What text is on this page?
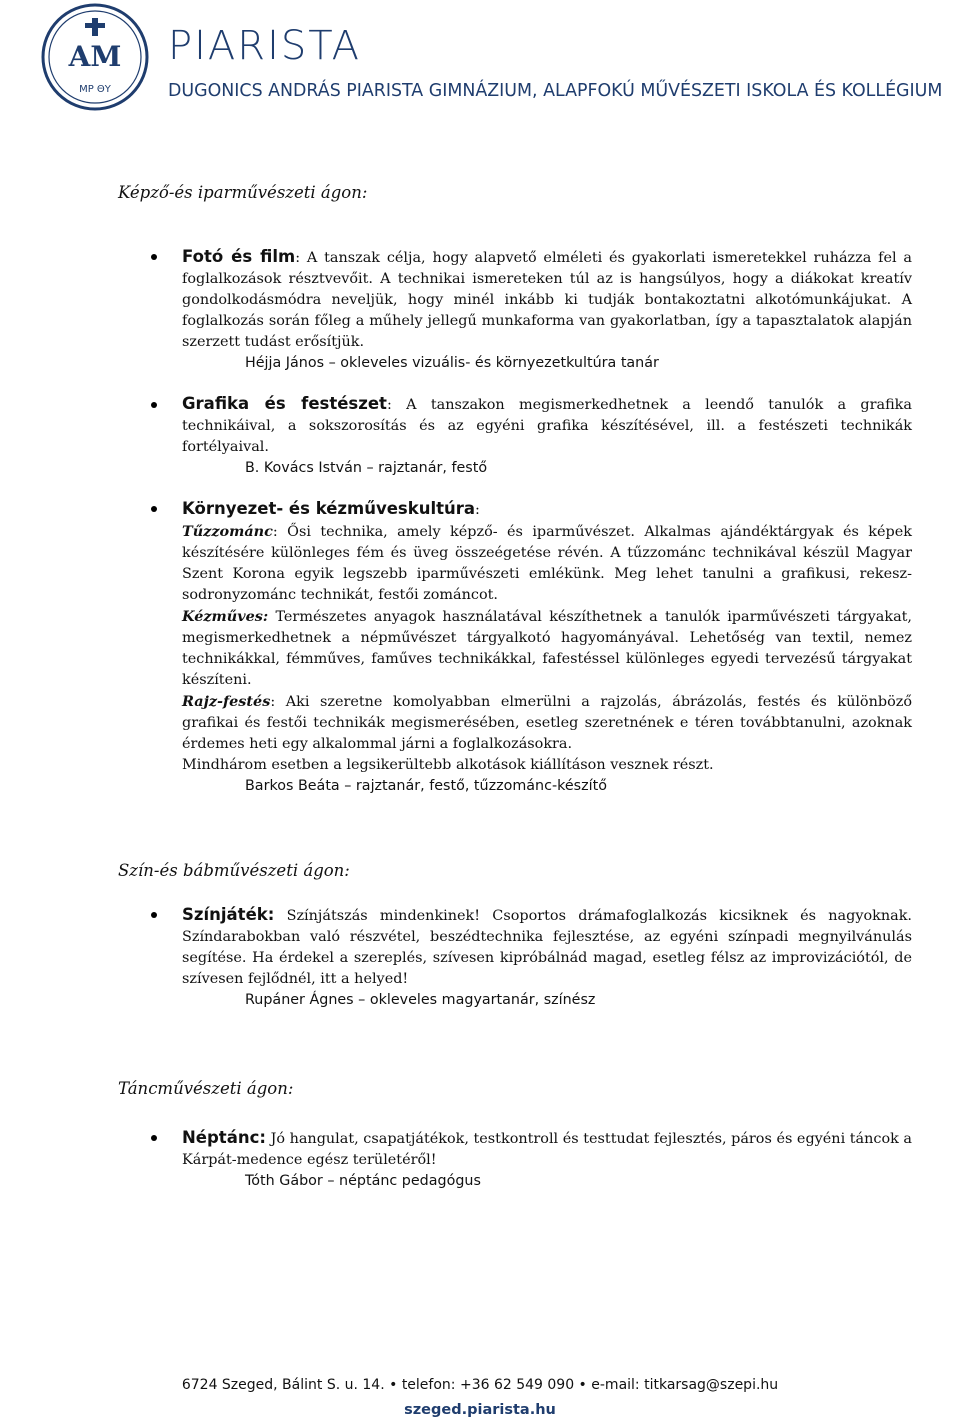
ΑΜ
ΜΡ ΘΥ
PIARISTA
DUGONICS ANDRÁS PIARISTA GIMNÁZIUM, ALAPFOKÚ MŰVÉSZETI ISKOLA ÉS KOLLÉGIUM
Képző-és iparművészeti ágon:

Fotó és film: A tanszak célja, hogy alapvető elméleti és gyakorlati ismeretekkel ruházza fel a foglalkozások résztvevőit. A technikai ismereteken túl az is hangsúlyos, hogy a diákokat kreatív gondolkodásmódra neveljük, hogy minél inkább ki tudják bontakoztatni alkotómunkájukat. A foglalkozás során főleg a műhely jellegű munkaforma van gyakorlatban, így a tapasztalatok alapján szerzett tudást erősítjük.

Héjja János – okleveles vizuális- és környezetkultúra tanár

Grafika és festészet: A tanszakon megismerkedhetnek a leendő tanulók a grafika technikáival, a sokszorosítás és az egyéni grafika készítésével, ill. a festészeti technikák fortélyaival.

B. Kovács István – rajztanár, festő

Környezet- és kézműveskultúra:

Tűzzománc: Ősi technika, amely képző- és iparművészet. Alkalmas ajándéktárgyak és képek készítésére különleges fém és üveg összeégetése révén. A tűzzománc technikával készül Magyar Szent Korona egyik legszebb iparművészeti emlékünk. Meg lehet tanulni a grafikusi, rekesz-sodronyzománc technikát, festői zománcot.

Kézműves: Természetes anyagok használatával készíthetnek a tanulók iparművészeti tárgyakat, megismerkedhetnek a népművészet tárgyalkotó hagyományával. Lehetőség van textil, nemez technikákkal, fémműves, faműves technikákkal, fafestéssel különleges egyedi tervezésű tárgyakat készíteni.

Rajz-festés: Aki szeretne komolyabban elmerülni a rajzolás, ábrázolás, festés és különböző grafikai és festői technikák megismerésében, esetleg szeretnének e téren továbbtanulni, azoknak érdemes heti egy alkalommal járni a foglalkozásokra.

Mindhárom esetben a legsikerültebb alkotások kiállításon vesznek részt.

Barkos Beáta – rajztanár, festő, tűzzománc-készítő

Szín-és bábművészeti ágon:

Színjáték: Színjátszás mindenkinek! Csoportos drámafoglalkozás kicsiknek és nagyoknak. Színdarabokban való részvétel, beszédtechnika fejlesztése, az egyéni színpadi megnyilvánulás segítése. Ha érdekel a szereplés, szívesen kipróbálnád magad, esetleg félsz az improvizációtól, de szívesen fejlődnél, itt a helyed!

Rupáner Ágnes – okleveles magyartanár, színész

Táncművészeti ágon:

Néptánc: Jó hangulat, csapatjátékok, testkontroll és testtudat fejlesztés, páros és egyéni táncok a Kárpát-medence egész területéről!

Tóth Gábor – néptánc pedagógus

6724 Szeged, Bálint S. u. 14. • telefon: +36 62 549 090 • e-mail: titkarsag@szepi.hu
szeged.piarista.hu
